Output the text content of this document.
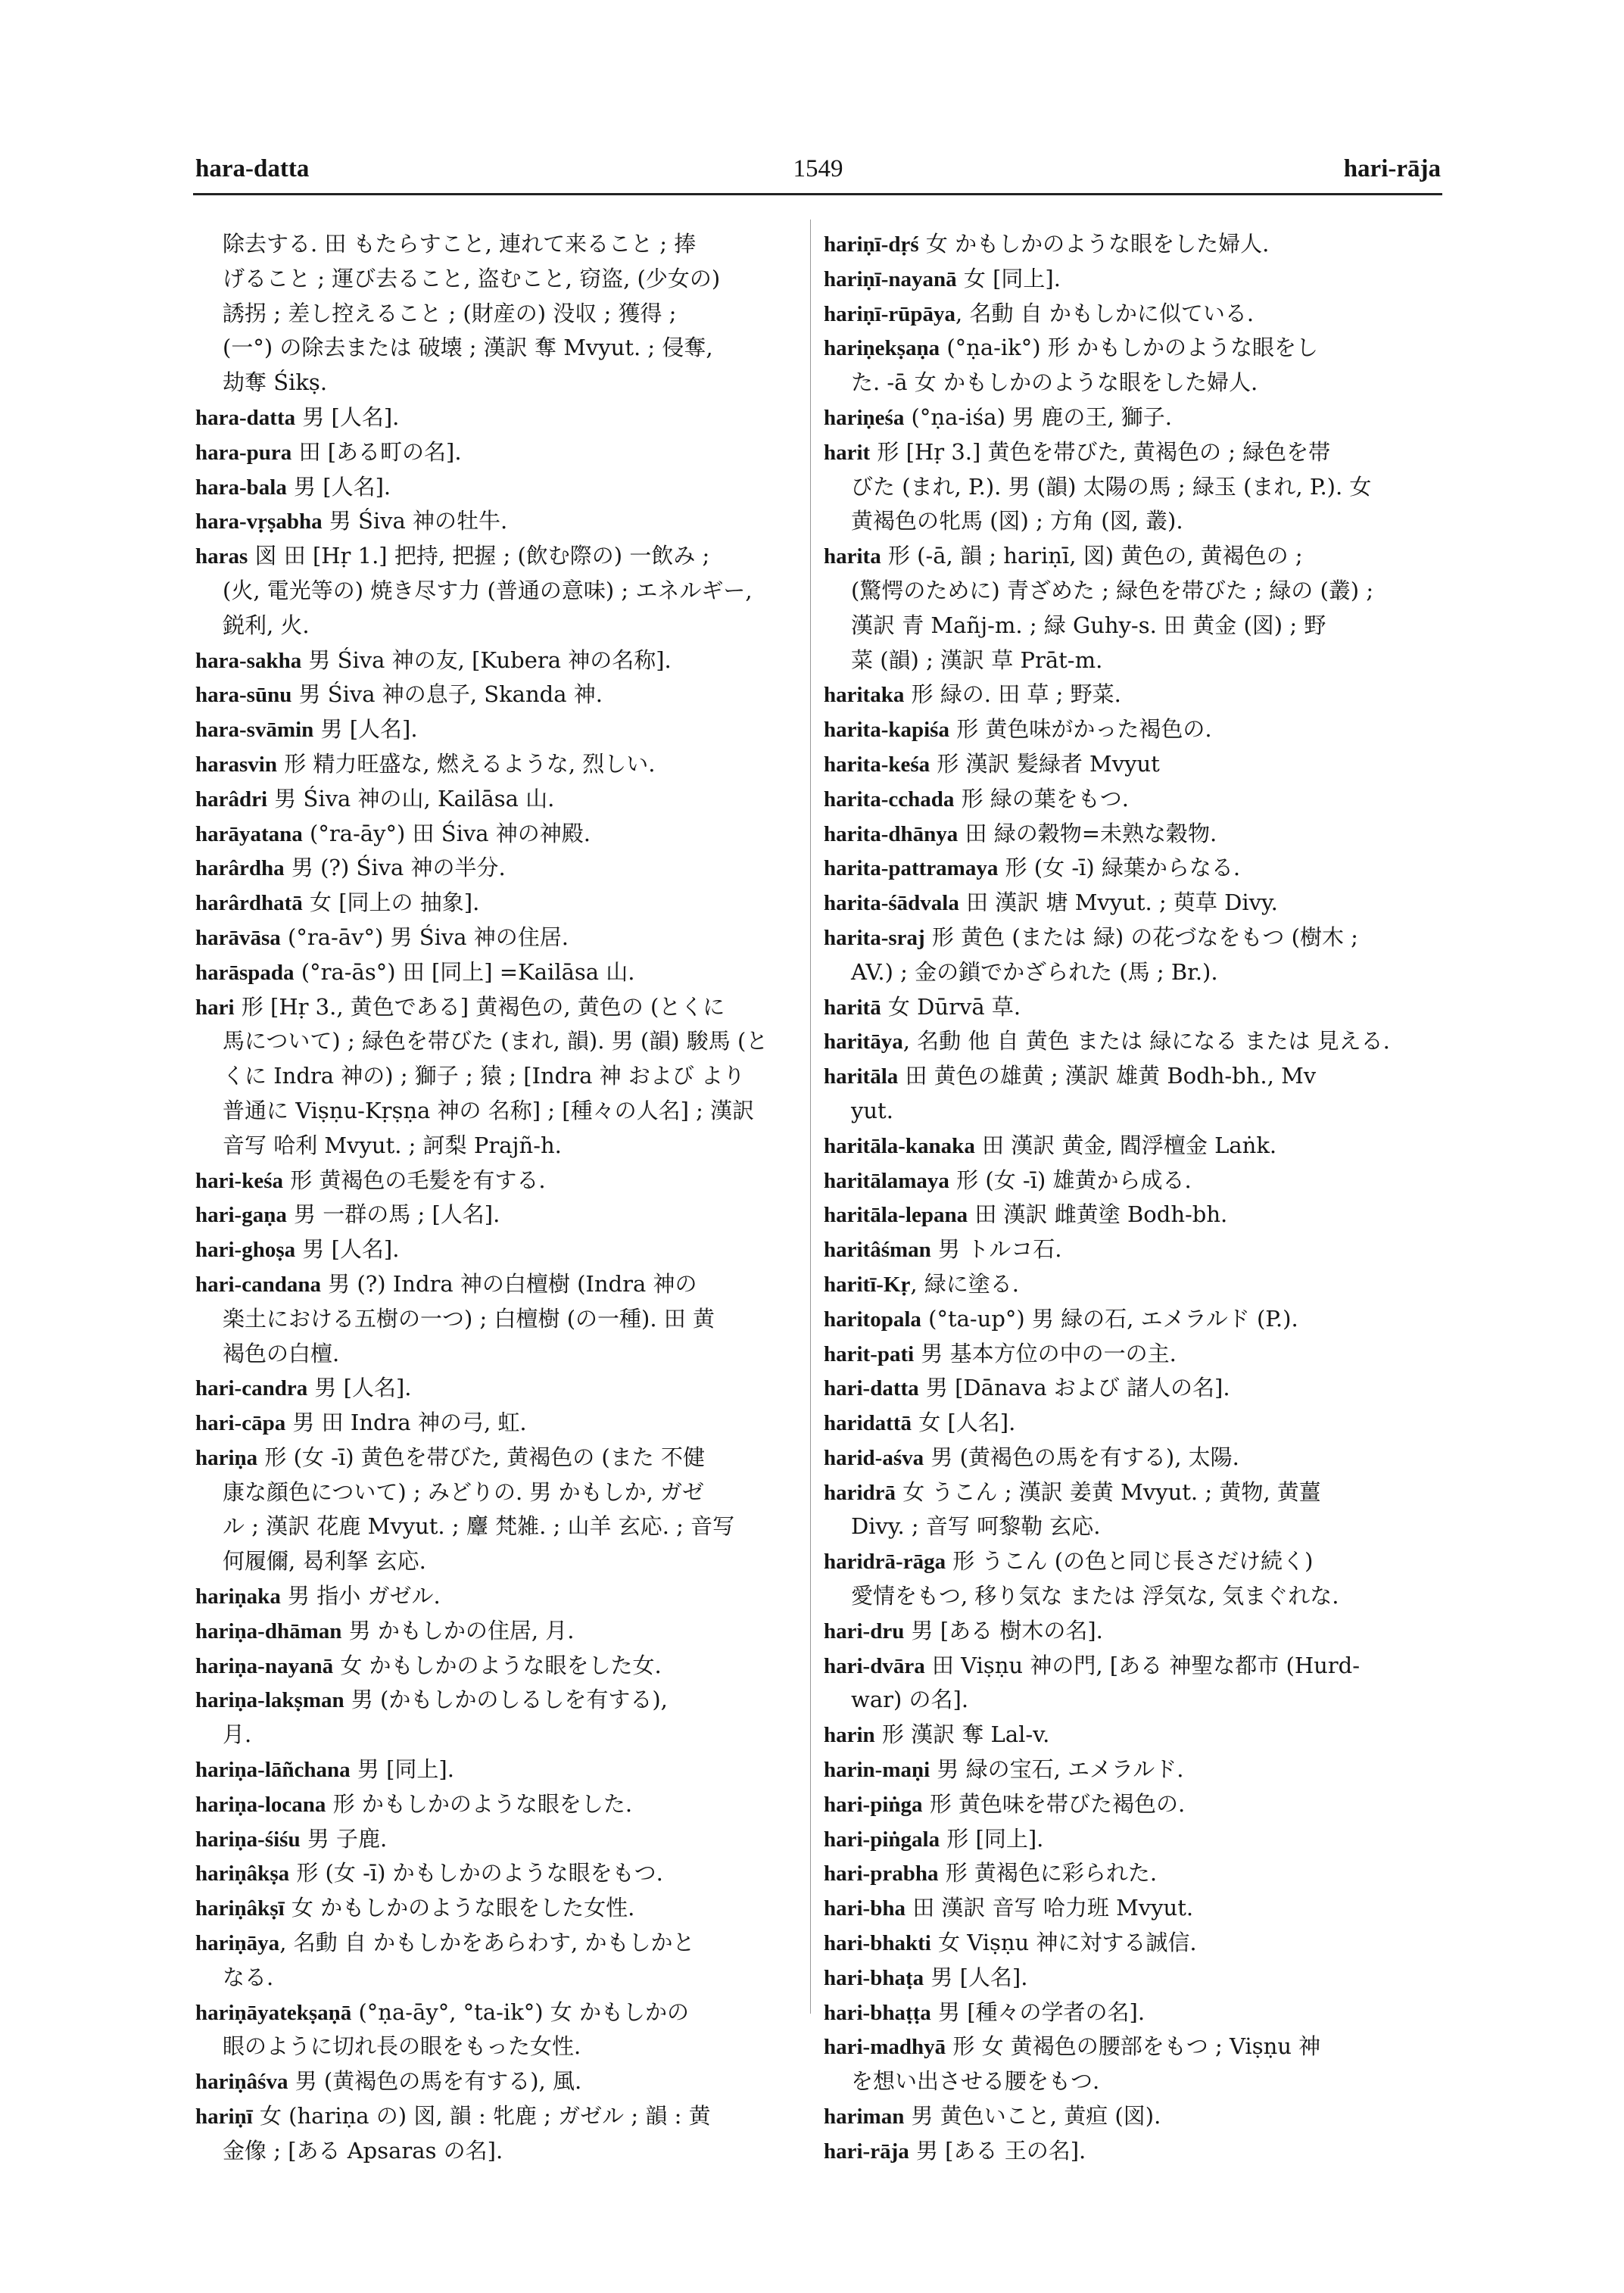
hara-datta	1549	hari-rāja
除去する. 田 もたらすこと, 連れて来ること ; 捧
げること ; 運び去ること, 盗むこと, 窃盗, (少女の)
誘拐 ; 差し控えること ; (財産の) 没収 ; 獲得 ;
(一°) の除去または 破壊 ; 漢訳 奪 Mvyut. ; 侵奪,
劫奪 Śikṣ.
hara-datta 男 [人名].
hara-pura 田 [ある町の名].
hara-bala 男 [人名].
hara-vṛṣabha 男 Śiva 神の牡牛.
haras 図 田 [Hṛ 1.] 把持, 把握 ; (飲む際の) 一飲み ;
(火, 電光等の) 焼き尽す力 (普通の意味) ; エネルギー,
鋭利, 火.
hara-sakha 男 Śiva 神の友, [Kubera 神の名称].
hara-sūnu 男 Śiva 神の息子, Skanda 神.
hara-svāmin 男 [人名].
harasvin 形 精力旺盛な, 燃えるような, 烈しい.
harâdri 男 Śiva 神の山, Kailāsa 山.
harāyatana (°ra-āy°) 田 Śiva 神の神殿.
harârdha 男 (?) Śiva 神の半分.
harârdhatā 女 [同上の 抽象].
harāvāsa (°ra-āv°) 男 Śiva 神の住居.
harāspada (°ra-ās°) 田 [同上] =Kailāsa 山.
hari 形 [Hṛ 3., 黄色である] 黄褐色の, 黄色の (とくに
馬について) ; 緑色を帯びた (まれ, 韻). 男 (韻) 駿馬 (と
くに Indra 神の) ; 獅子 ; 猿 ; [Indra 神 および より
普通に Viṣṇu-Kṛṣṇa 神の 名称] ; [種々の人名] ; 漢訳
音写 哈利 Mvyut. ; 訶梨 Prajñ-h.
hari-keśa 形 黄褐色の毛髪を有する.
hari-gaṇa 男 一群の馬 ; [人名].
hari-ghoṣa 男 [人名].
hari-candana 男 (?) Indra 神の白檀樹 (Indra 神の
楽土における五樹の一つ) ; 白檀樹 (の一種). 田 黄
褐色の白檀.
hari-candra 男 [人名].
hari-cāpa 男 田 Indra 神の弓, 虹.
hariṇa 形 (女 -ī) 黄色を帯びた, 黄褐色の (また 不健
康な顔色について) ; みどりの. 男 かもしか, ガゼ
ル ; 漢訳 花鹿 Mvyut. ; 麞 梵雑. ; 山羊 玄応. ; 音写
何履儞, 曷利拏 玄応.
hariṇaka 男 指小 ガゼル.
hariṇa-dhāman 男 かもしかの住居, 月.
hariṇa-nayanā 女 かもしかのような眼をした女.
hariṇa-lakṣman 男 (かもしかのしるしを有する),
月.
hariṇa-lāñchana 男 [同上].
hariṇa-locana 形 かもしかのような眼をした.
hariṇa-śiśu 男 子鹿.
hariṇâkṣa 形 (女 -ī) かもしかのような眼をもつ.
hariṇâkṣī 女 かもしかのような眼をした女性.
hariṇāya, 名動 自 かもしかをあらわす, かもしかと
なる.
hariṇāyatekṣaṇā (°ṇa-āy°, °ta-ik°) 女 かもしかの
眼のように切れ長の眼をもった女性.
hariṇâśva 男 (黄褐色の馬を有する), 風.
hariṇī 女 (hariṇa の) 図, 韻 : 牝鹿 ; ガゼル ; 韻 : 黄
金像 ; [ある Apsaras の名].
hariṇī-dṛś 女 かもしかのような眼をした婦人.
hariṇī-nayanā 女 [同上].
hariṇī-rūpāya, 名動 自 かもしかに似ている.
hariṇekṣaṇa (°ṇa-ik°) 形 かもしかのような眼をし
た. -ā 女 かもしかのような眼をした婦人.
hariṇeśa (°ṇa-iśa) 男 鹿の王, 獅子.
harit 形 [Hṛ 3.] 黄色を帯びた, 黄褐色の ; 緑色を帯
びた (まれ, P.). 男 (韻) 太陽の馬 ; 緑玉 (まれ, P.). 女
黄褐色の牝馬 (図) ; 方角 (図, 叢).
harita 形 (-ā, 韻 ; hariṇī, 図) 黄色の, 黄褐色の ;
(驚愕のために) 青ざめた ; 緑色を帯びた ; 緑の (叢) ;
漢訳 青 Mañj-m. ; 緑 Guhy-s. 田 黄金 (図) ; 野
菜 (韻) ; 漢訳 草 Prāt-m.
haritaka 形 緑の. 田 草 ; 野菜.
harita-kapiśa 形 黄色味がかった褐色の.
harita-keśa 形 漢訳 髪緑者 Mvyut
harita-cchada 形 緑の葉をもつ.
harita-dhānya 田 緑の穀物=未熟な穀物.
harita-pattramaya 形 (女 -ī) 緑葉からなる.
harita-śādvala 田 漢訳 塘 Mvyut. ; 萸草 Divy.
harita-sraj 形 黄色 (または 緑) の花づなをもつ (樹木 ;
AV.) ; 金の鎖でかざられた (馬 ; Br.).
haritā 女 Dūrvā 草.
haritāya, 名動 他 自 黄色 または 緑になる または 見える.
haritāla 田 黄色の雄黄 ; 漢訳 雄黄 Bodh-bh., Mv
yut.
haritāla-kanaka 田 漢訳 黄金, 閻浮檀金 Laṅk.
haritālamaya 形 (女 -ī) 雄黄から成る.
haritāla-lepana 田 漢訳 雌黄塗 Bodh-bh.
haritâśman 男 トルコ石.
haritī-Kṛ, 緑に塗る.
haritopala (°ta-up°) 男 緑の石, エメラルド (P.).
harit-pati 男 基本方位の中の一の主.
hari-datta 男 [Dānava および 諸人の名].
haridattā 女 [人名].
harid-aśva 男 (黄褐色の馬を有する), 太陽.
haridrā 女 うこん ; 漢訳 姜黄 Mvyut. ; 黄物, 黄薑
Divy. ; 音写 呵黎勒 玄応.
haridrā-rāga 形 うこん (の色と同じ長さだけ続く)
愛情をもつ, 移り気な または 浮気な, 気まぐれな.
hari-dru 男 [ある 樹木の名].
hari-dvāra 田 Viṣṇu 神の門, [ある 神聖な都市 (Hurd-
war) の名].
harin 形 漢訳 奪 Lal-v.
harin-maṇi 男 緑の宝石, エメラルド.
hari-piṅga 形 黄色味を帯びた褐色の.
hari-piṅgala 形 [同上].
hari-prabha 形 黄褐色に彩られた.
hari-bha 田 漢訳 音写 哈力班 Mvyut.
hari-bhakti 女 Viṣṇu 神に対する誠信.
hari-bhaṭa 男 [人名].
hari-bhaṭṭa 男 [種々の学者の名].
hari-madhyā 形 女 黄褐色の腰部をもつ ; Viṣṇu 神
を想い出させる腰をもつ.
hariman 男 黄色いこと, 黄疸 (図).
hari-rāja 男 [ある 王の名].
